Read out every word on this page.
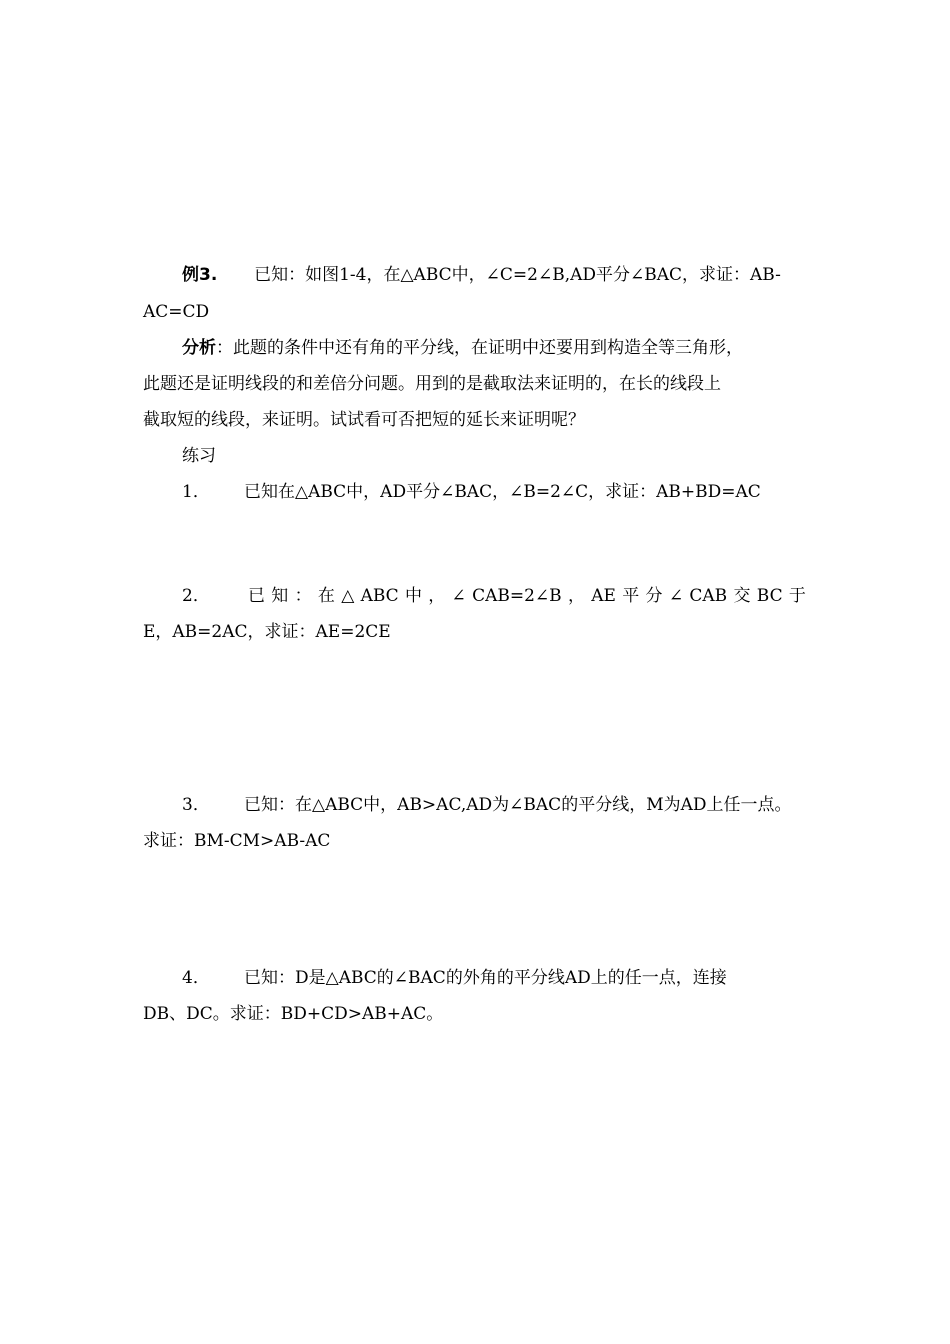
例3. 已知：如图1-4，在△ABC中，∠C=2∠B,AD平分∠BAC，求证：AB-
AC=CD
分析：此题的条件中还有角的平分线，在证明中还要用到构造全等三角形，
此题还是证明线段的和差倍分问题。用到的是截取法来证明的，在长的线段上
截取短的线段，来证明。试试看可否把短的延长来证明呢？
练习
1． 已知在△ABC中，AD平分∠BAC，∠B=2∠C，求证：AB+BD=AC
2． 已 知 ： 在 △ ABC 中 ， ∠ CAB=2∠B ， AE 平 分 ∠ CAB 交 BC 于
E，AB=2AC，求证：AE=2CE
3． 已知：在△ABC中，AB>AC,AD为∠BAC的平分线，M为AD上任一点。
求证：BM-CM>AB-AC
4． 已知：D是△ABC的∠BAC的外角的平分线AD上的任一点，连接
DB、DC。求证：BD+CD>AB+AC。
